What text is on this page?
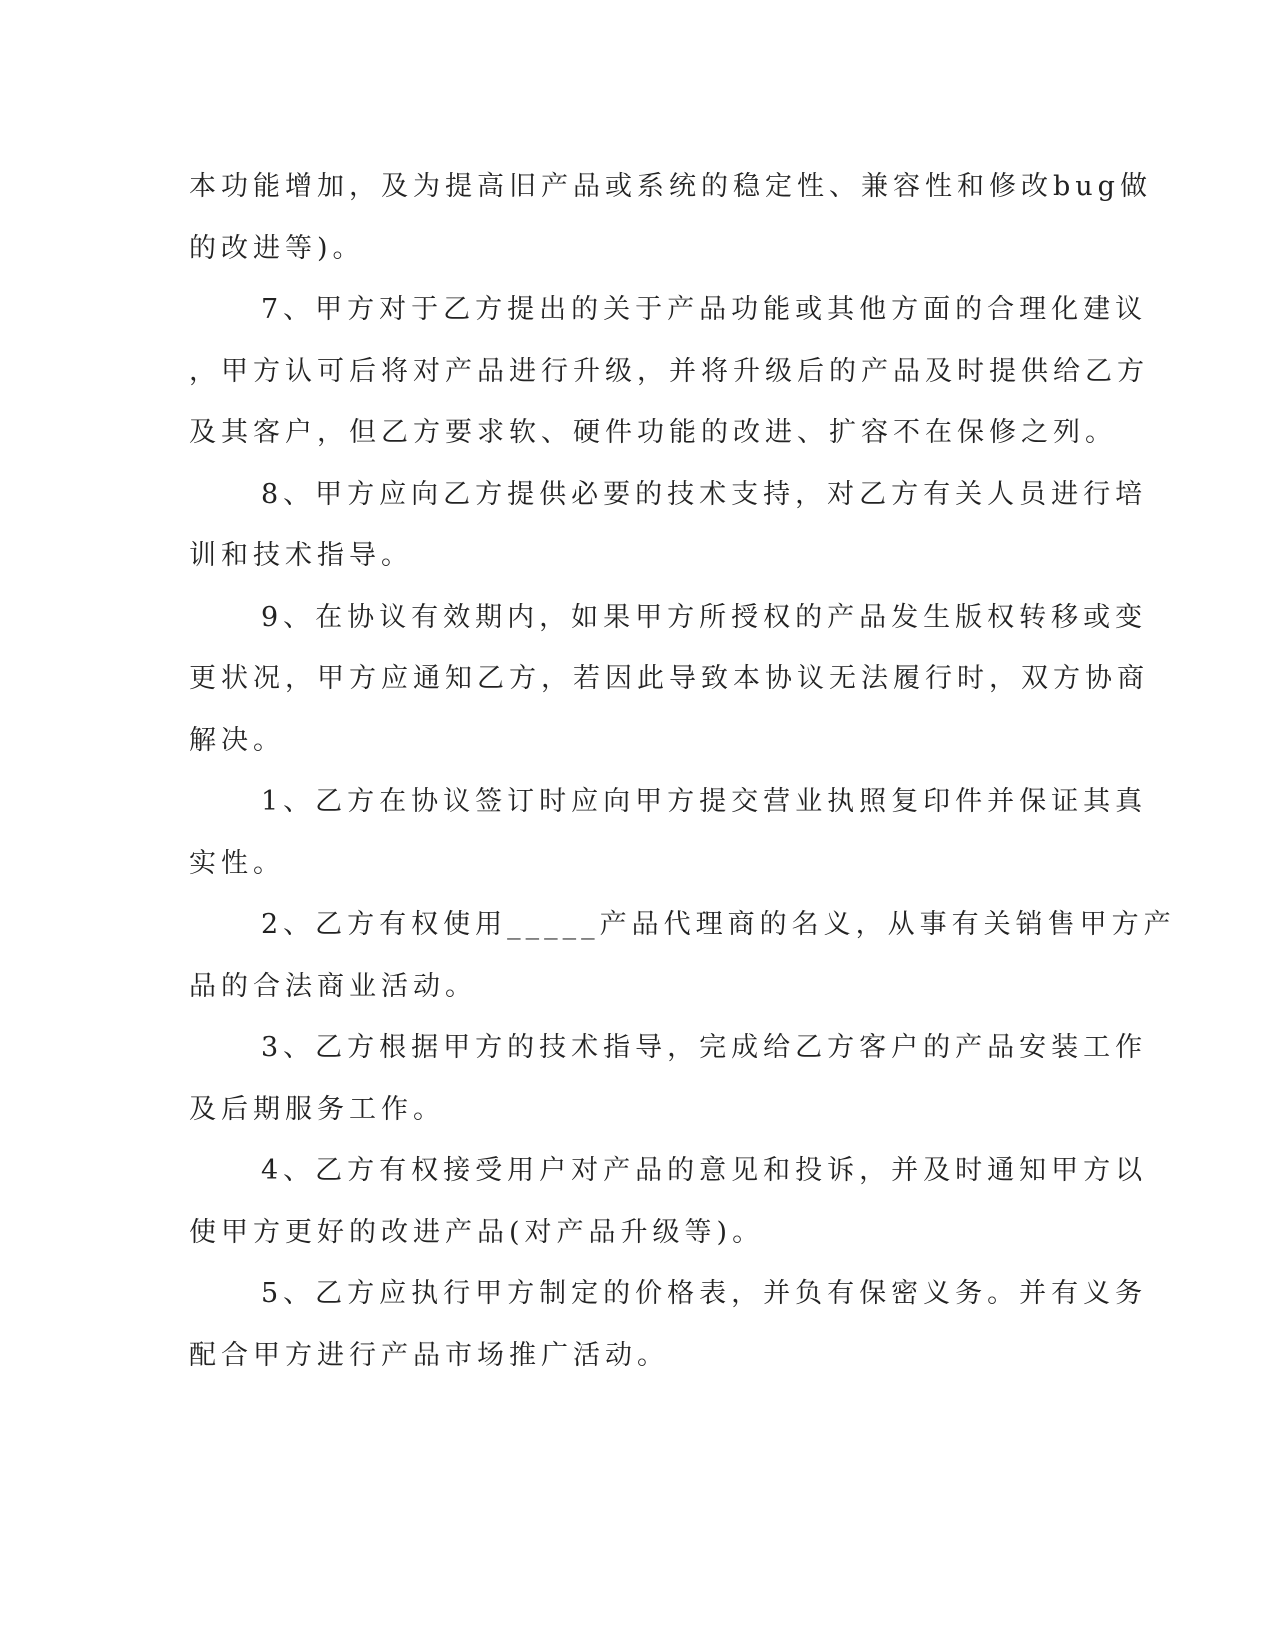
本功能增加，及为提高旧产品或系统的稳定性、兼容性和修改bug做
的改进等)。
7、甲方对于乙方提出的关于产品功能或其他方面的合理化建议
，甲方认可后将对产品进行升级，并将升级后的产品及时提供给乙方
及其客户，但乙方要求软、硬件功能的改进、扩容不在保修之列。
8、甲方应向乙方提供必要的技术支持，对乙方有关人员进行培
训和技术指导。
9、在协议有效期内，如果甲方所授权的产品发生版权转移或变
更状况，甲方应通知乙方，若因此导致本协议无法履行时，双方协商
解决。
1、乙方在协议签订时应向甲方提交营业执照复印件并保证其真
实性。
2、乙方有权使用_____产品代理商的名义，从事有关销售甲方产
品的合法商业活动。
3、乙方根据甲方的技术指导，完成给乙方客户的产品安装工作
及后期服务工作。
4、乙方有权接受用户对产品的意见和投诉，并及时通知甲方以
使甲方更好的改进产品(对产品升级等)。
5、乙方应执行甲方制定的价格表，并负有保密义务。并有义务
配合甲方进行产品市场推广活动。
